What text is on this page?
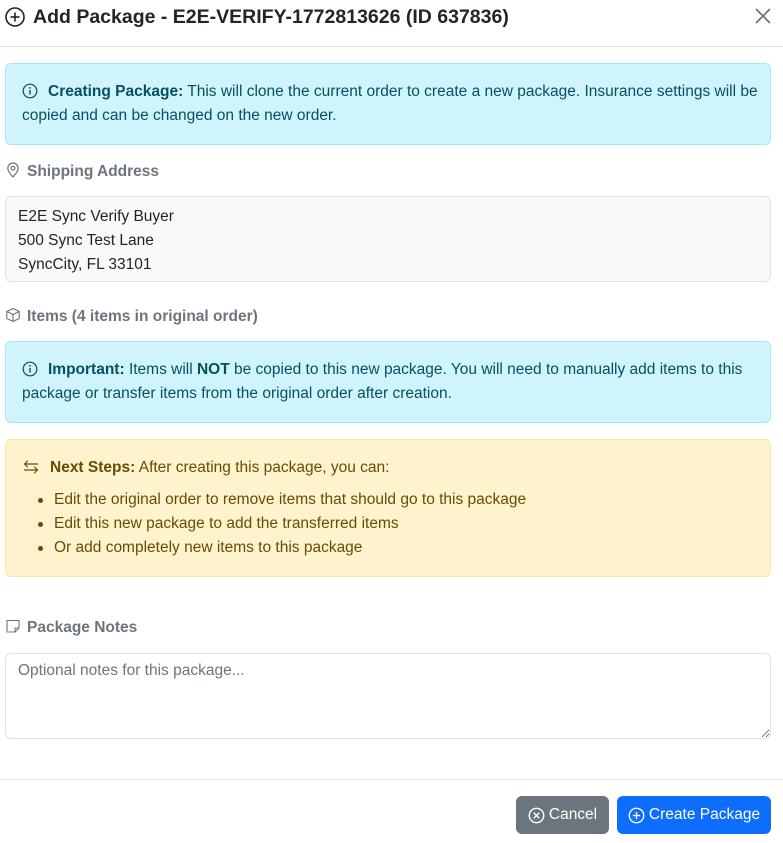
Add Package - E2E-VERIFY-1772813626 (ID 637836)
Creating Package: This will clone the current order to create a new package. Insurance settings will be copied and can be changed on the new order.
Shipping Address
E2E Sync Verify Buyer
500 Sync Test Lane
SyncCity, FL 33101
Items (4 items in original order)
Important: Items will NOT be copied to this new package. You will need to manually add items to this package or transfer items from the original order after creation.
Next Steps: After creating this package, you can:
Edit the original order to remove items that should go to this package
Edit this new package to add the transferred items
Or add completely new items to this package
Package Notes
Optional notes for this package...
Cancel	Create Package
